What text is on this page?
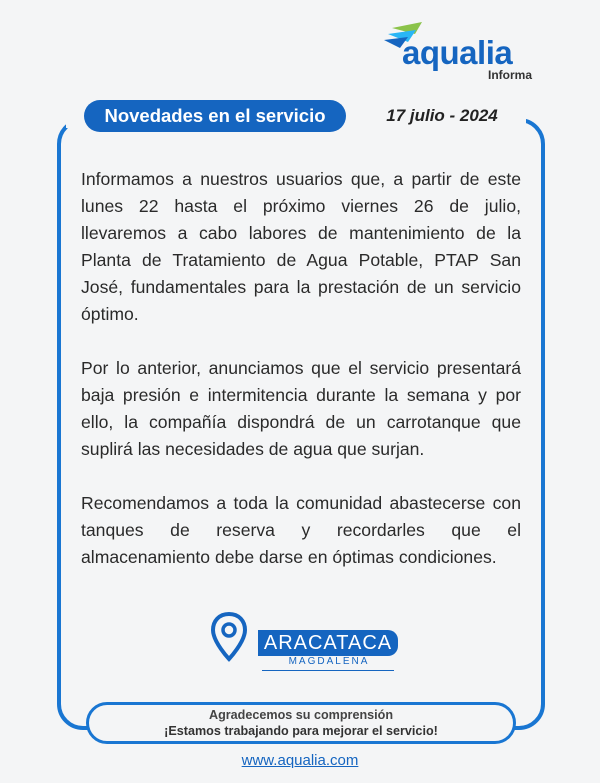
aqualia
Informa
Novedades en el servicio	17 julio - 2024

Informamos a nuestros usuarios que, a partir de este lunes 22 hasta el próximo viernes 26 de julio, llevaremos a cabo labores de mantenimiento de la Planta de Tratamiento de Agua Potable, PTAP San José, fundamentales para la prestación de un servicio óptimo.

Por lo anterior, anunciamos que el servicio presentará baja presión e intermitencia durante la semana y por ello, la compañía dispondrá de un carrotanque que suplirá las necesidades de agua que surjan.

Recomendamos a toda la comunidad abastecerse con tanques de reserva y recordarles que el almacenamiento debe darse en óptimas condiciones.

ARACATACA
MAGDALENA
Agradecemos su comprensión
¡Estamos trabajando para mejorar el servicio!
www.aqualia.com
